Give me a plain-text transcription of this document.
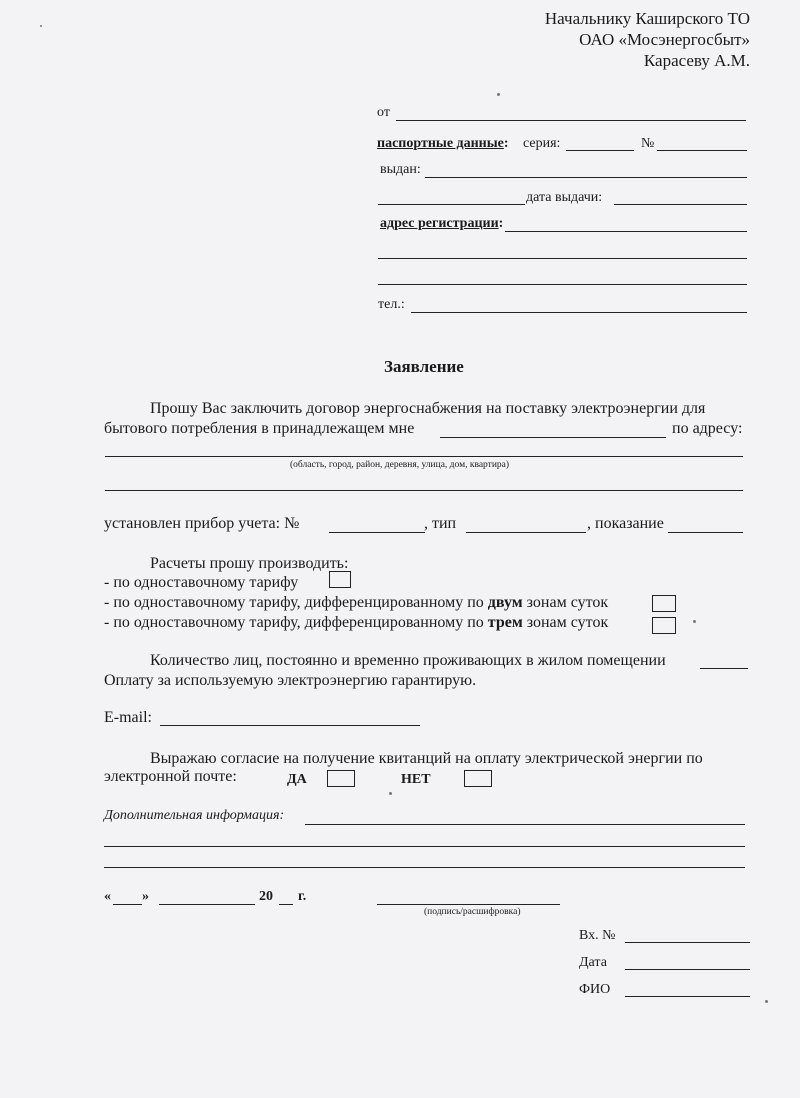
Начальнику Каширского ТО
ОАО «Мосэнергосбыт»
Карасеву А.М.
от
паспортные данные: серия:	№
выдан:
дата выдачи:
адрес регистрации:
тел.:
Заявление
Прошу Вас заключить договор энергоснабжения на поставку электроэнергии для
бытового потребления в принадлежащем мне	по адресу:
(область, город, район, деревня, улица, дом, квартира)
установлен прибор учета: №	, тип	, показание
Расчеты прошу производить:
- по одноставочному тарифу
- по одноставочному тарифу, дифференцированному по двум зонам суток
- по одноставочному тарифу, дифференцированному по трем зонам суток
Количество лиц, постоянно и временно проживающих в жилом помещении
Оплату за используемую электроэнергию гарантирую.
E-mail:
Выражаю согласие на получение квитанций на оплату электрической энергии по
электронной почте:	ДА	НЕТ
Дополнительная информация:
« »	20 г.
(подпись/расшифровка)
Вх. №
Дата
ФИО
